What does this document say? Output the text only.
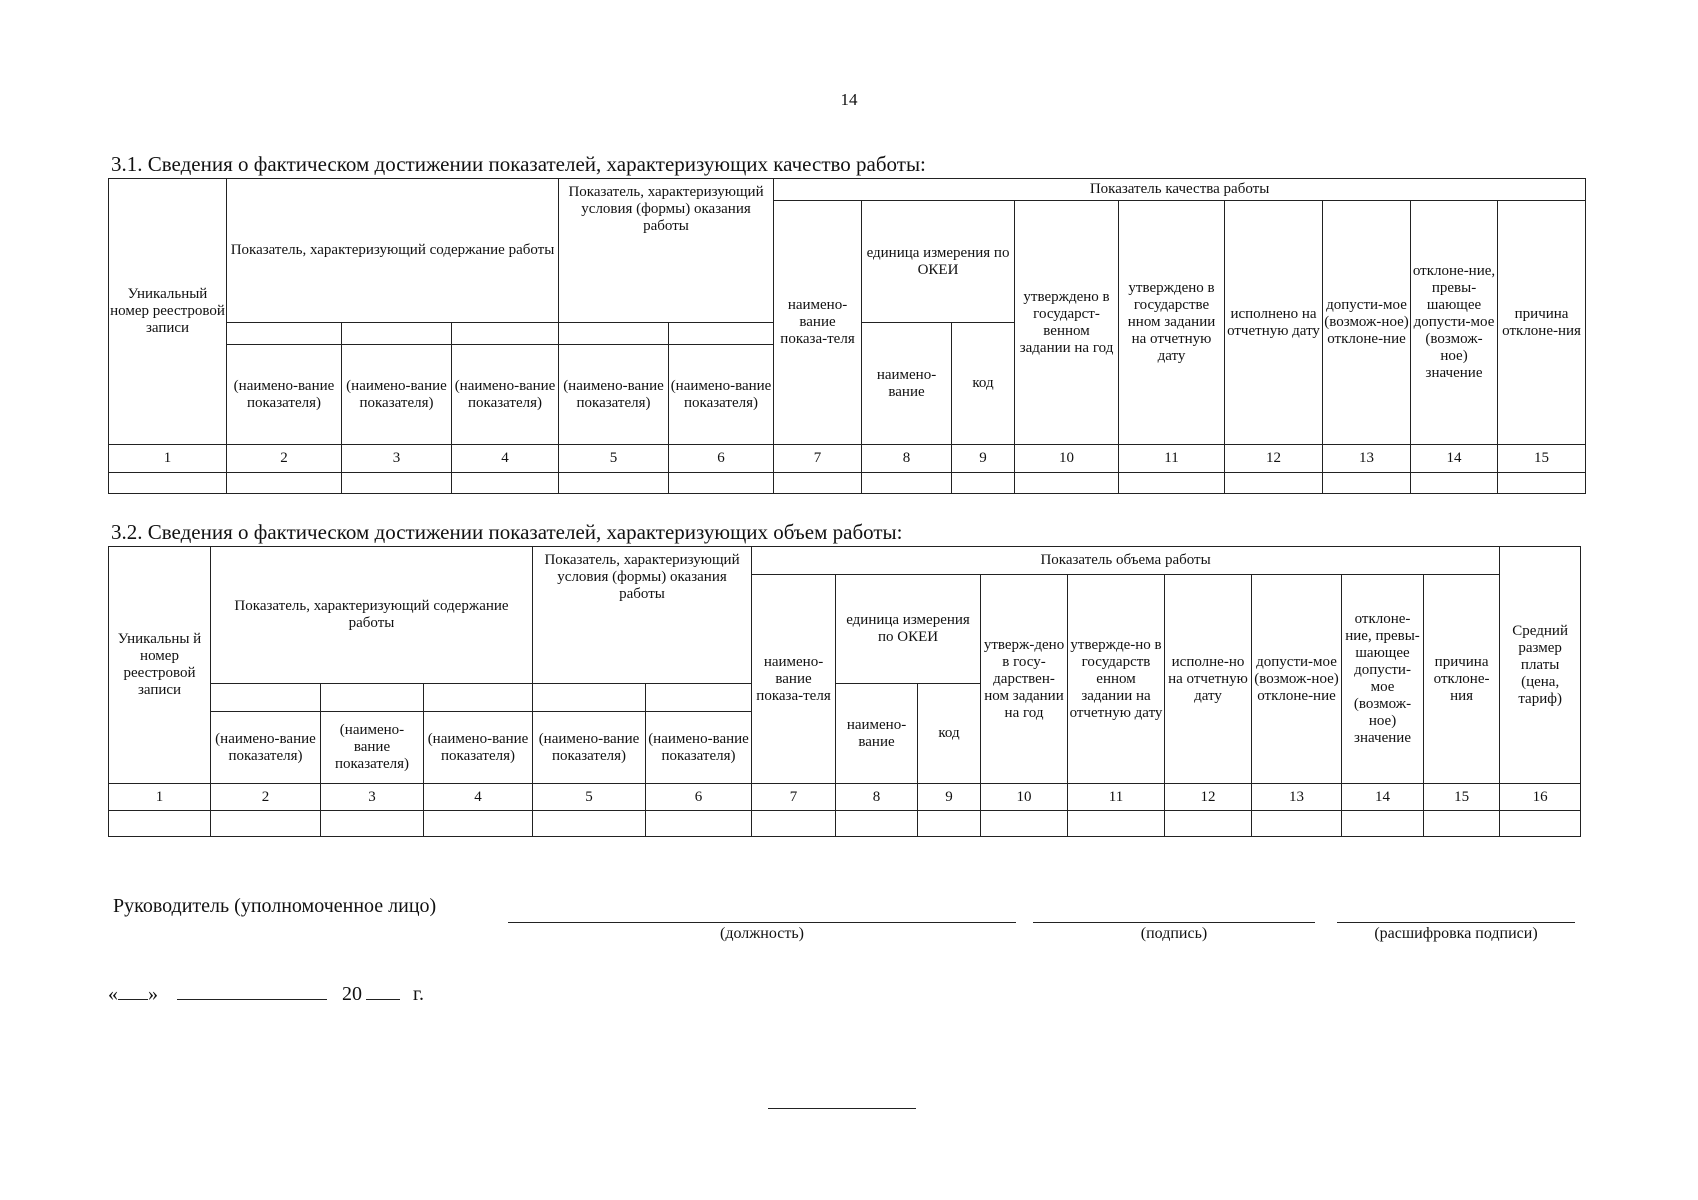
14
3.1. Сведения о фактическом достижении показателей, характеризующих качество работы:
Уникальный номер реестровой записи	Показатель, характеризующий содержание работы			Показатель, характеризующий условия (формы) оказания работы		Показатель качества работы								
						наимено-вание показа-теля	единица измерения по ОКЕИ		утверждено в государст-венном задании на год	утверждено в государстве нном задании на отчетную дату	исполнено на отчетную дату	допусти-мое (возмож-ное) отклоне-ние	отклоне-ние, превы-шающее допусти-мое (возмож-ное) значение	причина отклоне-ния
							наимено-вание	код						
	(наимено-вание показателя)	(наимено-вание показателя)	(наимено-вание показателя)	(наимено-вание показателя)	(наимено-вание показателя)									
1	2	3	4	5	6	7	8	9	10	11	12	13	14	15

3.2. Сведения о фактическом достижении показателей, характеризующих объем работы:
Уникальны й номер реестровой записи	Показатель, характеризующий содержание работы			Показатель, характеризующий условия (формы) оказания работы		Показатель объема работы									Средний размер платы (цена, тариф)
						наимено-вание показа-теля	единица измерения по ОКЕИ		утверж-дено в госу-дарствен-ном задании на год	утвержде-но в государств енном задании на отчетную дату	исполне-но на отчетную дату	допусти-мое (возмож-ное) отклоне-ние	отклоне-ние, превы-шающее допусти-мое (возмож-ное) значение	причина отклоне-ния	
							наимено-вание	код							
	(наимено-вание показателя)	(наимено-вание показателя)	(наимено-вание показателя)	(наимено-вание показателя)	(наимено-вание показателя)										
1	2	3	4	5	6	7	8	9	10	11	12	13	14	15	16

Руководитель (уполномоченное лицо)
(должность)	(подпись)	(расшифровка подписи)
« »	20	г.
